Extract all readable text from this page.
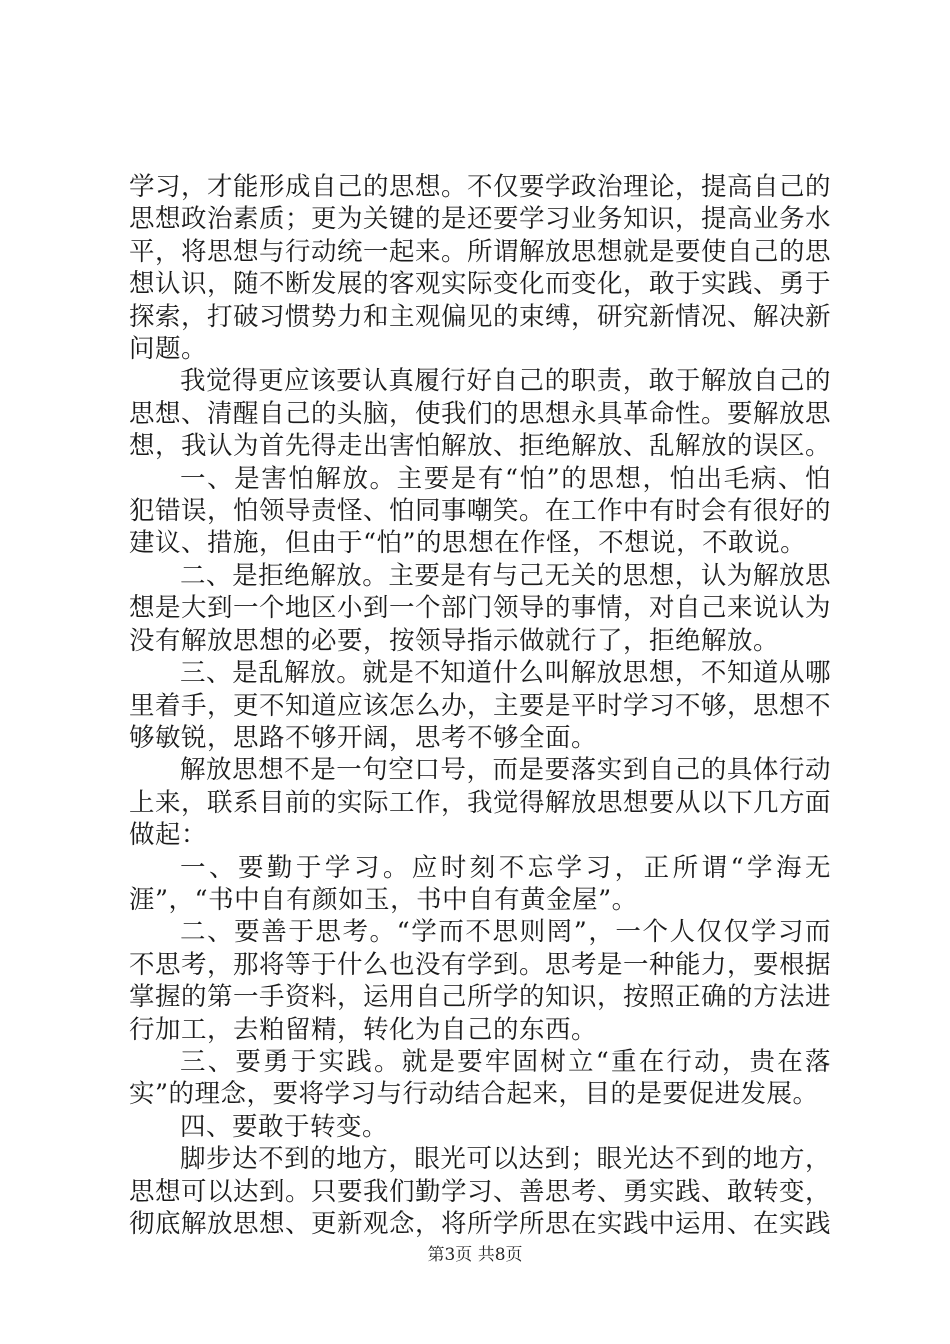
学习，才能形成自己的思想。不仅要学政治理论，提高自己的思想政治素质；更为关键的是还要学习业务知识，提高业务水平，将思想与行动统一起来。所谓解放思想就是要使自己的思想认识，随不断发展的客观实际变化而变化，敢于实践、勇于探索，打破习惯势力和主观偏见的束缚，研究新情况、解决新问题。

我觉得更应该要认真履行好自己的职责，敢于解放自己的思想、清醒自己的头脑，使我们的思想永具革命性。要解放思想，我认为首先得走出害怕解放、拒绝解放、乱解放的误区。

一、是害怕解放。主要是有“怕”的思想，怕出毛病、怕犯错误，怕领导责怪、怕同事嘲笑。在工作中有时会有很好的建议、措施，但由于“怕”的思想在作怪，不想说，不敢说。

二、是拒绝解放。主要是有与己无关的思想，认为解放思想是大到一个地区小到一个部门领导的事情，对自己来说认为没有解放思想的必要，按领导指示做就行了，拒绝解放。

三、是乱解放。就是不知道什么叫解放思想，不知道从哪里着手，更不知道应该怎么办，主要是平时学习不够，思想不够敏锐，思路不够开阔，思考不够全面。

解放思想不是一句空口号，而是要落实到自己的具体行动上来，联系目前的实际工作，我觉得解放思想要从以下几方面做起：

一、要勤于学习。应时刻不忘学习，正所谓“学海无涯”，“书中自有颜如玉，书中自有黄金屋”。

二、要善于思考。“学而不思则罔”，一个人仅仅学习而不思考，那将等于什么也没有学到。思考是一种能力，要根据掌握的第一手资料，运用自己所学的知识，按照正确的方法进行加工，去粕留精，转化为自己的东西。

三、要勇于实践。就是要牢固树立“重在行动，贵在落实”的理念，要将学习与行动结合起来，目的是要促进发展。

四、要敢于转变。

脚步达不到的地方，眼光可以达到；眼光达不到的地方，思想可以达到。只要我们勤学习、善思考、勇实践、敢转变，彻底解放思想、更新观念，将所学所思在实践中运用、在实践

第3页 共8页
